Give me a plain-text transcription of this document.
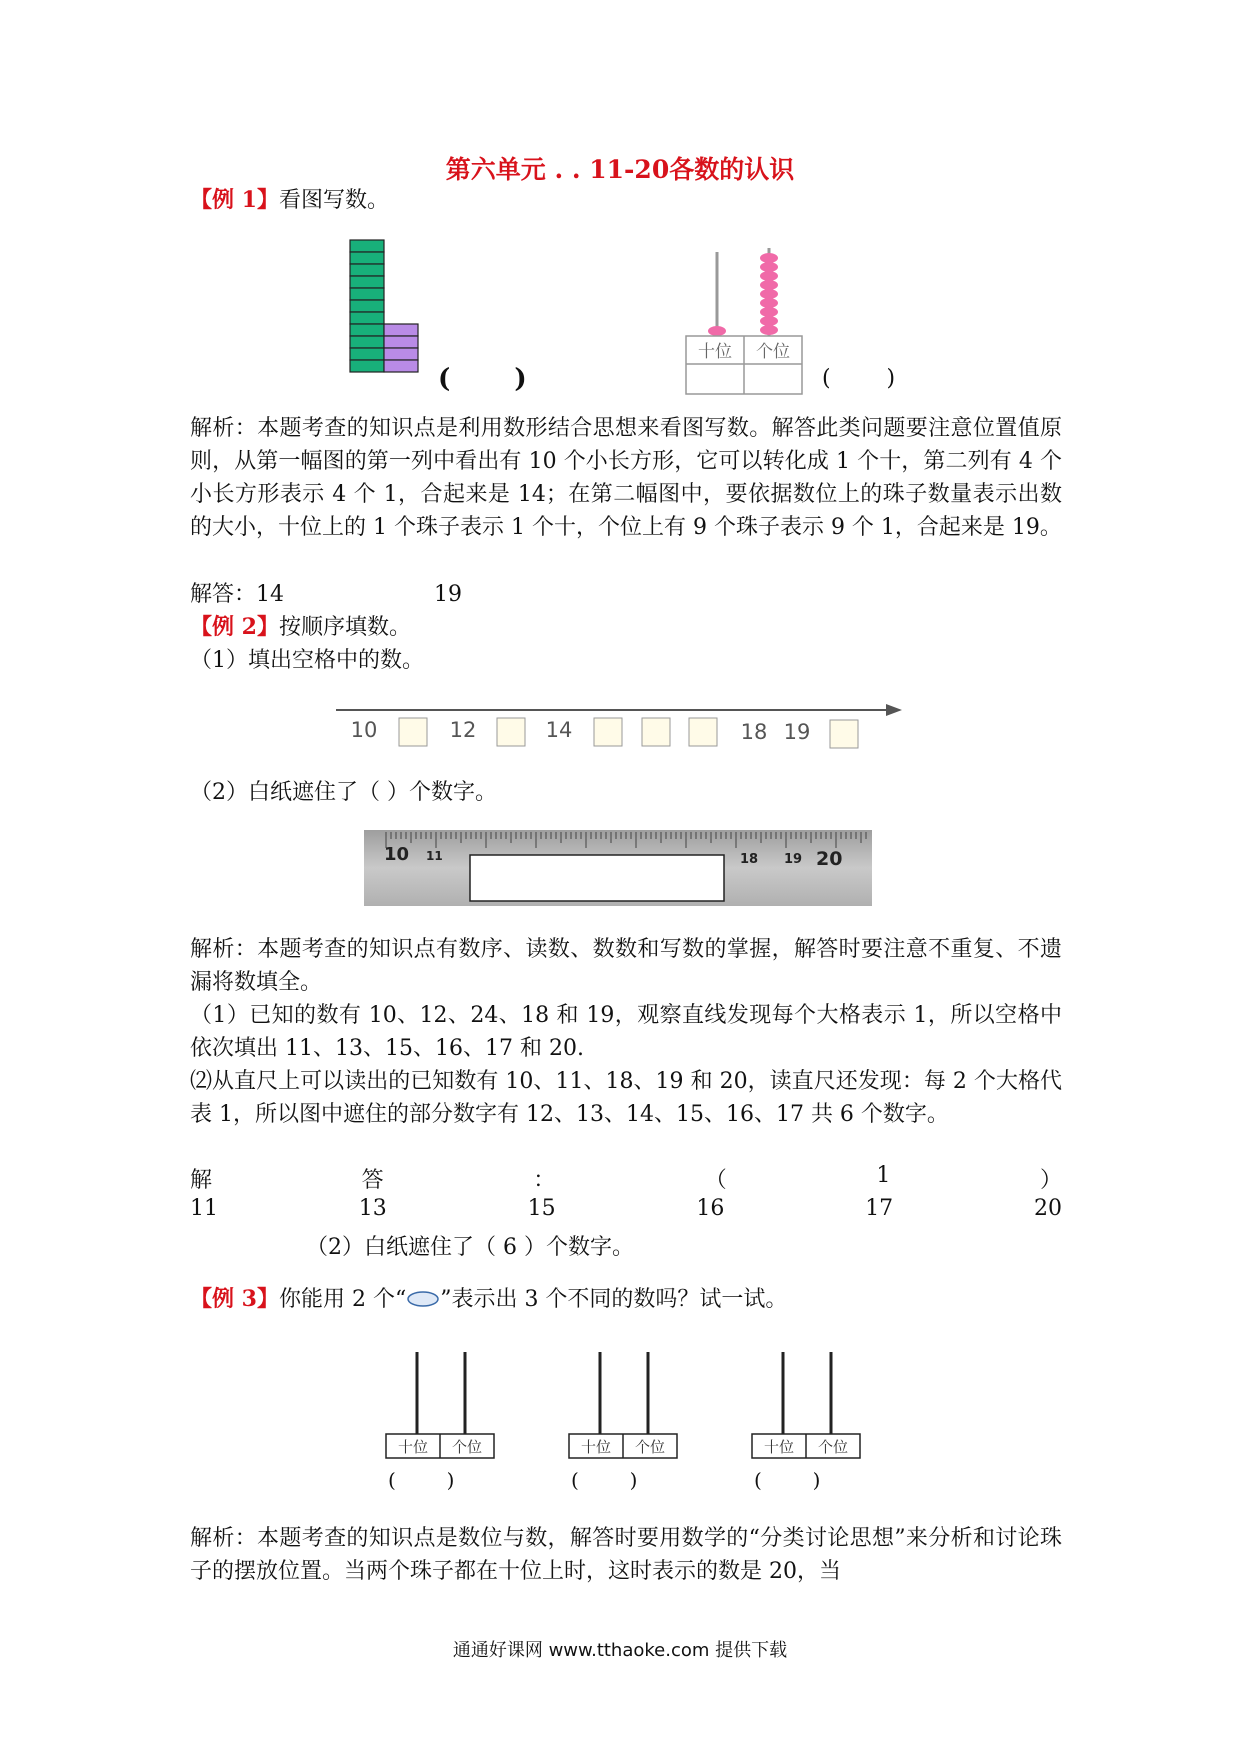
第六单元 . . 11-20各数的认识
【例 1】看图写数。
( )
十位 个位
(        )
解析：本题考查的知识点是利用数形结合思想来看图写数。解答此类问题要注意位置值原则，从第一幅图的第一列中看出有 10 个小长方形，它可以转化成 1 个十，第二列有 4 个小长方形表示 4 个 1，合起来是 14；在第二幅图中，要依据数位上的珠子数量表示出数的大小，十位上的 1 个珠子表示 1 个十，个位上有 9 个珠子表示 9 个 1，合起来是 19。
解答：14	19
【例 2】按顺序填数。
（1）填出空格中的数。
10	12	14	18 19
（2）白纸遮住了（ ）个数字。
10 11	18 19 20
解析：本题考查的知识点有数序、读数、数数和写数的掌握，解答时要注意不重复、不遗漏将数填全。
（1）已知的数有 10、12、24、18 和 19，观察直线发现每个大格表示 1，所以空格中依次填出 11、13、15、16、17 和 20.
⑵从直尺上可以读出的已知数有 10、11、18、19 和 20，读直尺还发现：每 2 个大格代表 1，所以图中遮住的部分数字有 12、13、14、15、16、17 共 6 个数字。
解	答	：	（	1	）
11	13	15	16	17	20
（2）白纸遮住了（ 6 ）个数字。
【例 3】你能用 2 个“ ”表示出 3 个不同的数吗？试一试。
十位 个位	十位 个位	十位 个位
(        )	(        )	(        )
解析：本题考查的知识点是数位与数，解答时要用数学的“分类讨论思想”来分析和讨论珠子的摆放位置。当两个珠子都在十位上时，这时表示的数是 20，当
通通好课网 www.tthaoke.com 提供下载
